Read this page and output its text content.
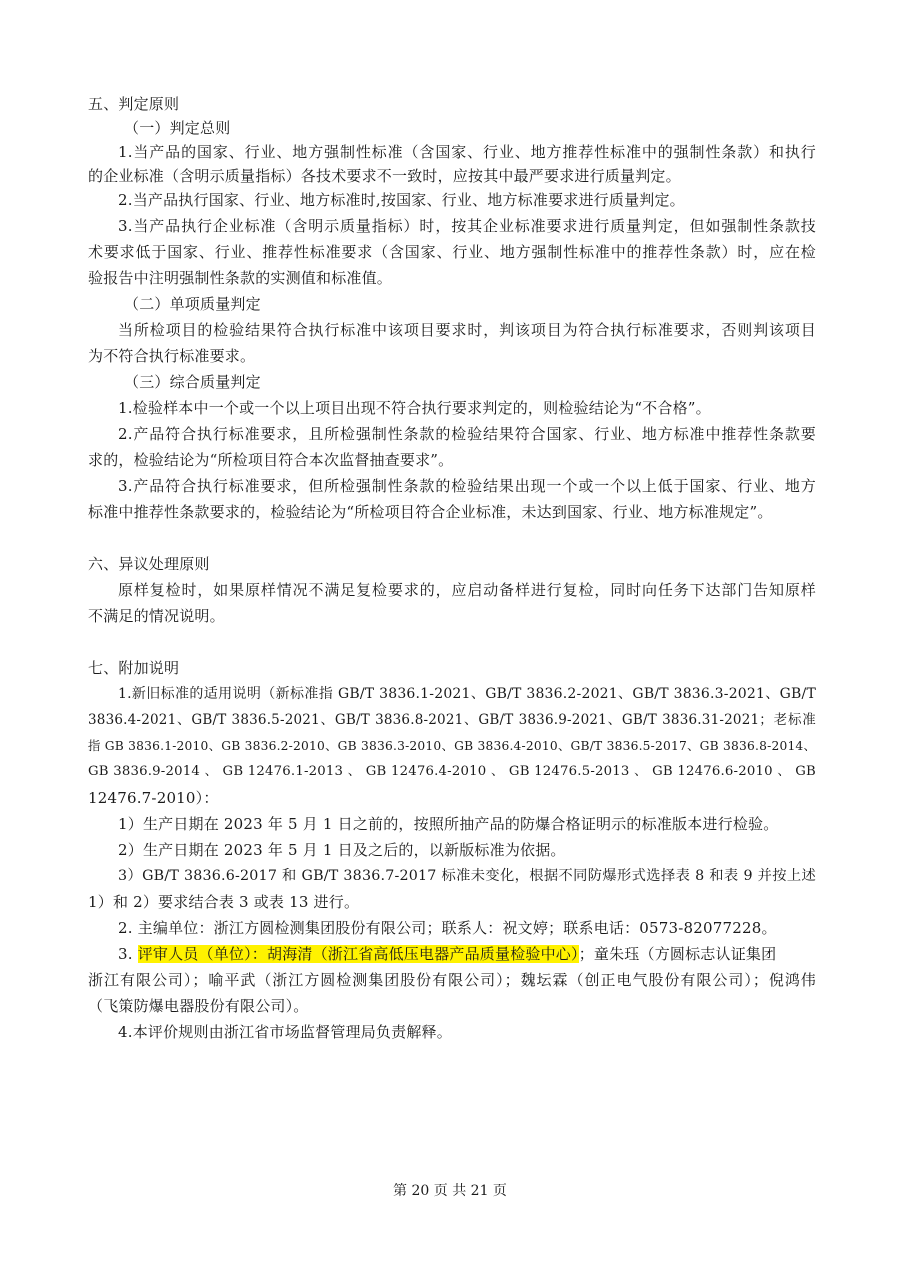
五、判定原则
（一）判定总则
1.当产品的国家、行业、地方强制性标准（含国家、行业、地方推荐性标准中的强制性条款）和执行
的企业标准（含明示质量指标）各技术要求不一致时，应按其中最严要求进行质量判定。
2.当产品执行国家、行业、地方标准时,按国家、行业、地方标准要求进行质量判定。
3.当产品执行企业标准（含明示质量指标）时，按其企业标准要求进行质量判定，但如强制性条款技
术要求低于国家、行业、推荐性标准要求（含国家、行业、地方强制性标准中的推荐性条款）时，应在检
验报告中注明强制性条款的实测值和标准值。
（二）单项质量判定
当所检项目的检验结果符合执行标准中该项目要求时，判该项目为符合执行标准要求，否则判该项目
为不符合执行标准要求。
（三）综合质量判定
1.检验样本中一个或一个以上项目出现不符合执行要求判定的，则检验结论为“不合格”。
2.产品符合执行标准要求，且所检强制性条款的检验结果符合国家、行业、地方标准中推荐性条款要
求的，检验结论为“所检项目符合本次监督抽查要求”。
3.产品符合执行标准要求，但所检强制性条款的检验结果出现一个或一个以上低于国家、行业、地方
标准中推荐性条款要求的，检验结论为“所检项目符合企业标准，未达到国家、行业、地方标准规定”。
六、异议处理原则
原样复检时，如果原样情况不满足复检要求的，应启动备样进行复检，同时向任务下达部门告知原样
不满足的情况说明。
七、附加说明
1.新旧标准的适用说明（新标准指 GB/T 3836.1-2021、GB/T 3836.2-2021、GB/T 3836.3-2021、GB/T
3836.4-2021、GB/T 3836.5-2021、GB/T 3836.8-2021、GB/T 3836.9-2021、GB/T 3836.31-2021；老标准
指 GB 3836.1-2010、GB 3836.2-2010、GB 3836.3-2010、GB 3836.4-2010、GB/T 3836.5-2017、GB 3836.8-2014、
GB 3836.9-2014 、 GB 12476.1-2013 、 GB 12476.4-2010 、 GB 12476.5-2013 、 GB 12476.6-2010 、 GB
12476.7-2010）：
1）生产日期在 2023 年 5 月 1 日之前的，按照所抽产品的防爆合格证明示的标准版本进行检验。
2）生产日期在 2023 年 5 月 1 日及之后的，以新版标准为依据。
3）GB/T 3836.6-2017 和 GB/T 3836.7-2017 标准未变化，根据不同防爆形式选择表 8 和表 9 并按上述
1）和 2）要求结合表 3 或表 13 进行。
2. 主编单位：浙江方圆检测集团股份有限公司；联系人：祝文婷；联系电话：0573-82077228。
3. 评审人员（单位）：胡海清（浙江省高低压电器产品质量检验中心）；童朱珏（方圆标志认证集团
浙江有限公司）；喻平武（浙江方圆检测集团股份有限公司）；魏坛霖（创正电气股份有限公司）；倪鸿伟
（飞策防爆电器股份有限公司）。
4.本评价规则由浙江省市场监督管理局负责解释。
第 20 页 共 21 页
